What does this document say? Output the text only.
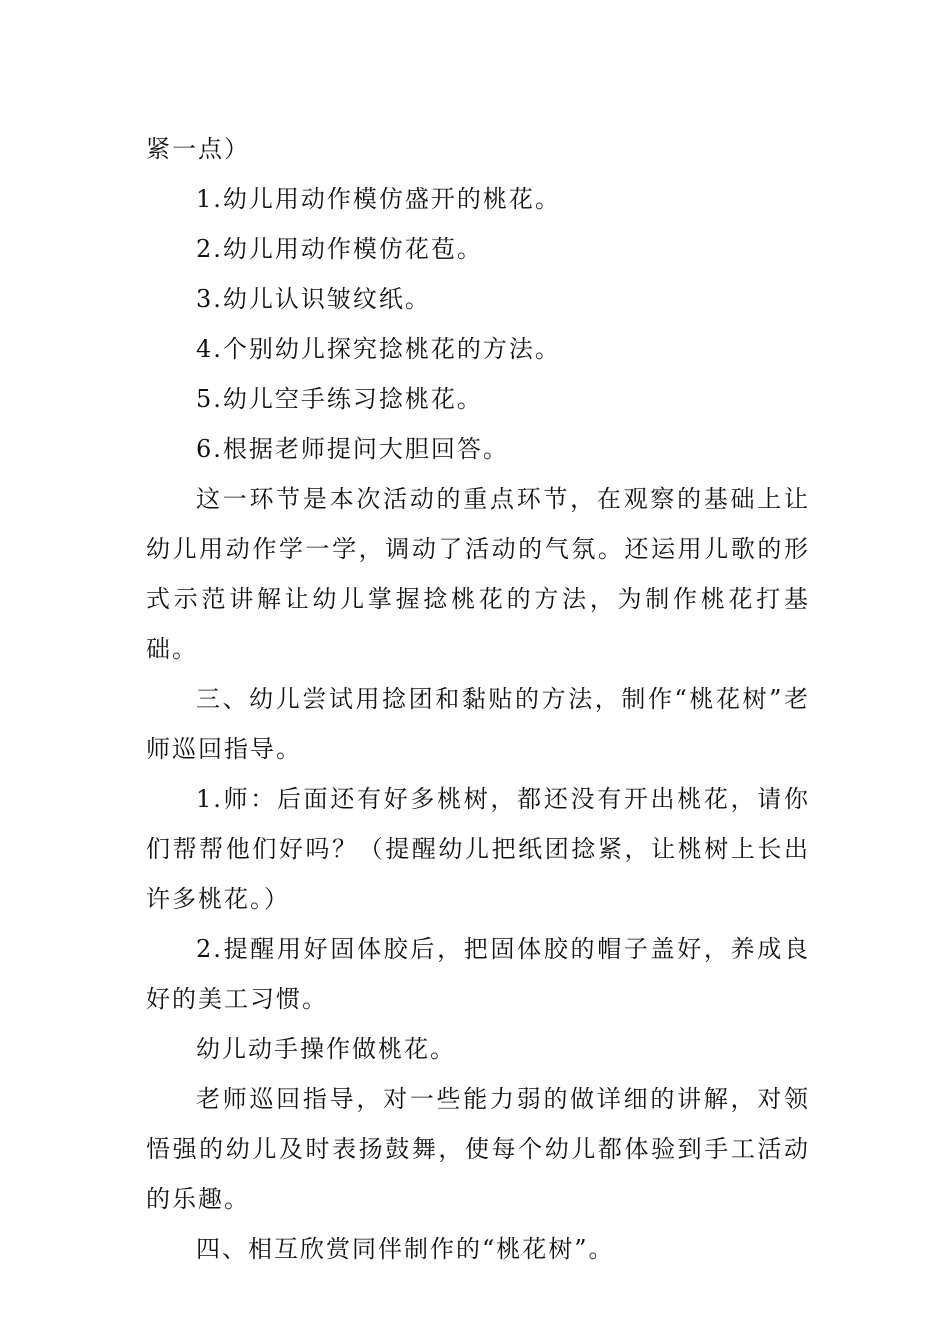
紧一点）

1.幼儿用动作模仿盛开的桃花。

2.幼儿用动作模仿花苞。

3.幼儿认识皱纹纸。

4.个别幼儿探究捻桃花的方法。

5.幼儿空手练习捻桃花。

6.根据老师提问大胆回答。

这一环节是本次活动的重点环节，在观察的基础上让幼儿用动作学一学，调动了活动的气氛。还运用儿歌的形式示范讲解让幼儿掌握捻桃花的方法，为制作桃花打基础。

三、幼儿尝试用捻团和黏贴的方法，制作“桃花树”老师巡回指导。

1.师：后面还有好多桃树，都还没有开出桃花，请你们帮帮他们好吗？（提醒幼儿把纸团捻紧，让桃树上长出许多桃花。）

2.提醒用好固体胶后，把固体胶的帽子盖好，养成良好的美工习惯。

幼儿动手操作做桃花。

老师巡回指导，对一些能力弱的做详细的讲解，对领悟强的幼儿及时表扬鼓舞，使每个幼儿都体验到手工活动的乐趣。

四、相互欣赏同伴制作的“桃花树”。
